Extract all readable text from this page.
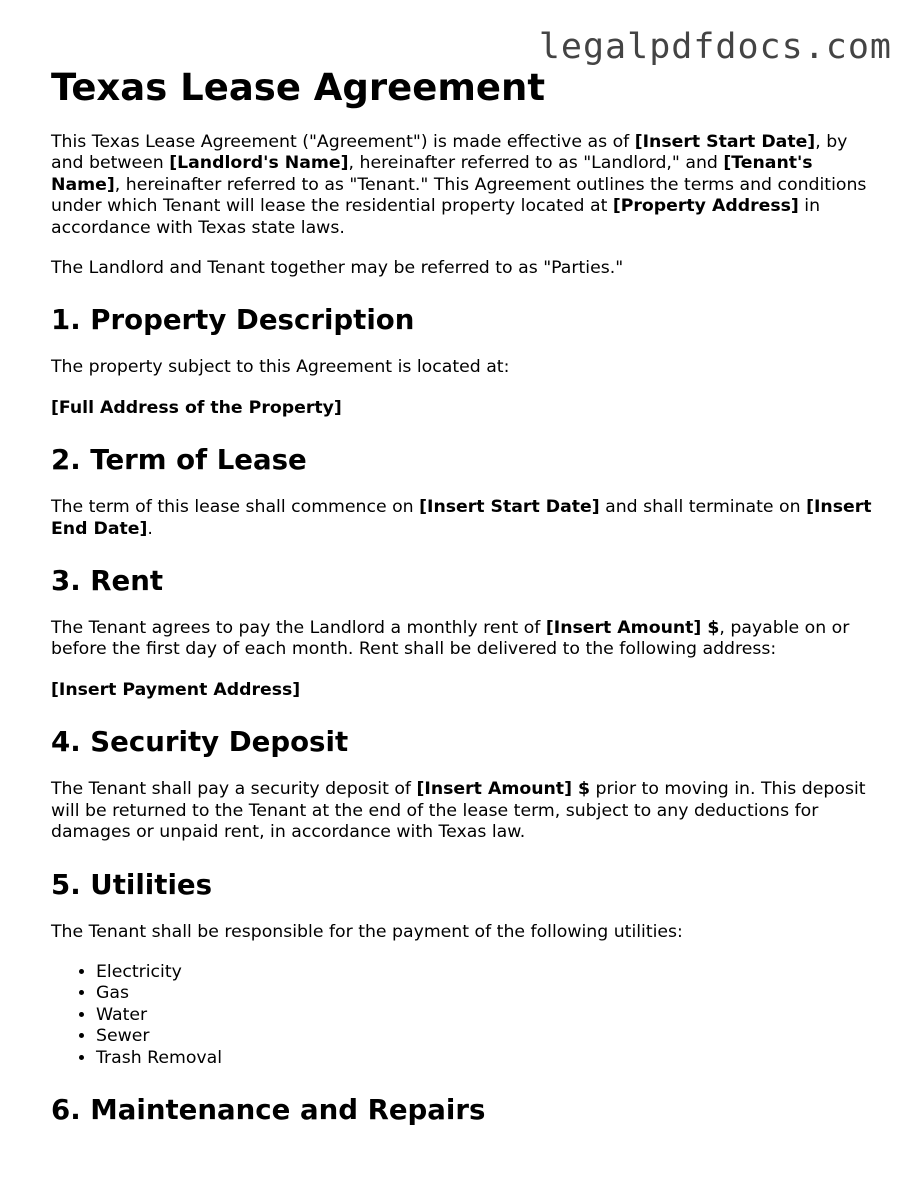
legalpdfdocs.com
Texas Lease Agreement

This Texas Lease Agreement ("Agreement") is made effective as of [Insert Start Date], by and between [Landlord's Name], hereinafter referred to as "Landlord," and [Tenant's Name], hereinafter referred to as "Tenant." This Agreement outlines the terms and conditions under which Tenant will lease the residential property located at [Property Address] in accordance with Texas state laws.

The Landlord and Tenant together may be referred to as "Parties."

1. Property Description

The property subject to this Agreement is located at:

[Full Address of the Property]

2. Term of Lease

The term of this lease shall commence on [Insert Start Date] and shall terminate on [Insert End Date].

3. Rent

The Tenant agrees to pay the Landlord a monthly rent of [Insert Amount] $, payable on or before the first day of each month. Rent shall be delivered to the following address:

[Insert Payment Address]

4. Security Deposit

The Tenant shall pay a security deposit of [Insert Amount] $ prior to moving in. This deposit will be returned to the Tenant at the end of the lease term, subject to any deductions for damages or unpaid rent, in accordance with Texas law.

5. Utilities

The Tenant shall be responsible for the payment of the following utilities:

• Electricity
• Gas
• Water
• Sewer
• Trash Removal
6. Maintenance and Repairs
